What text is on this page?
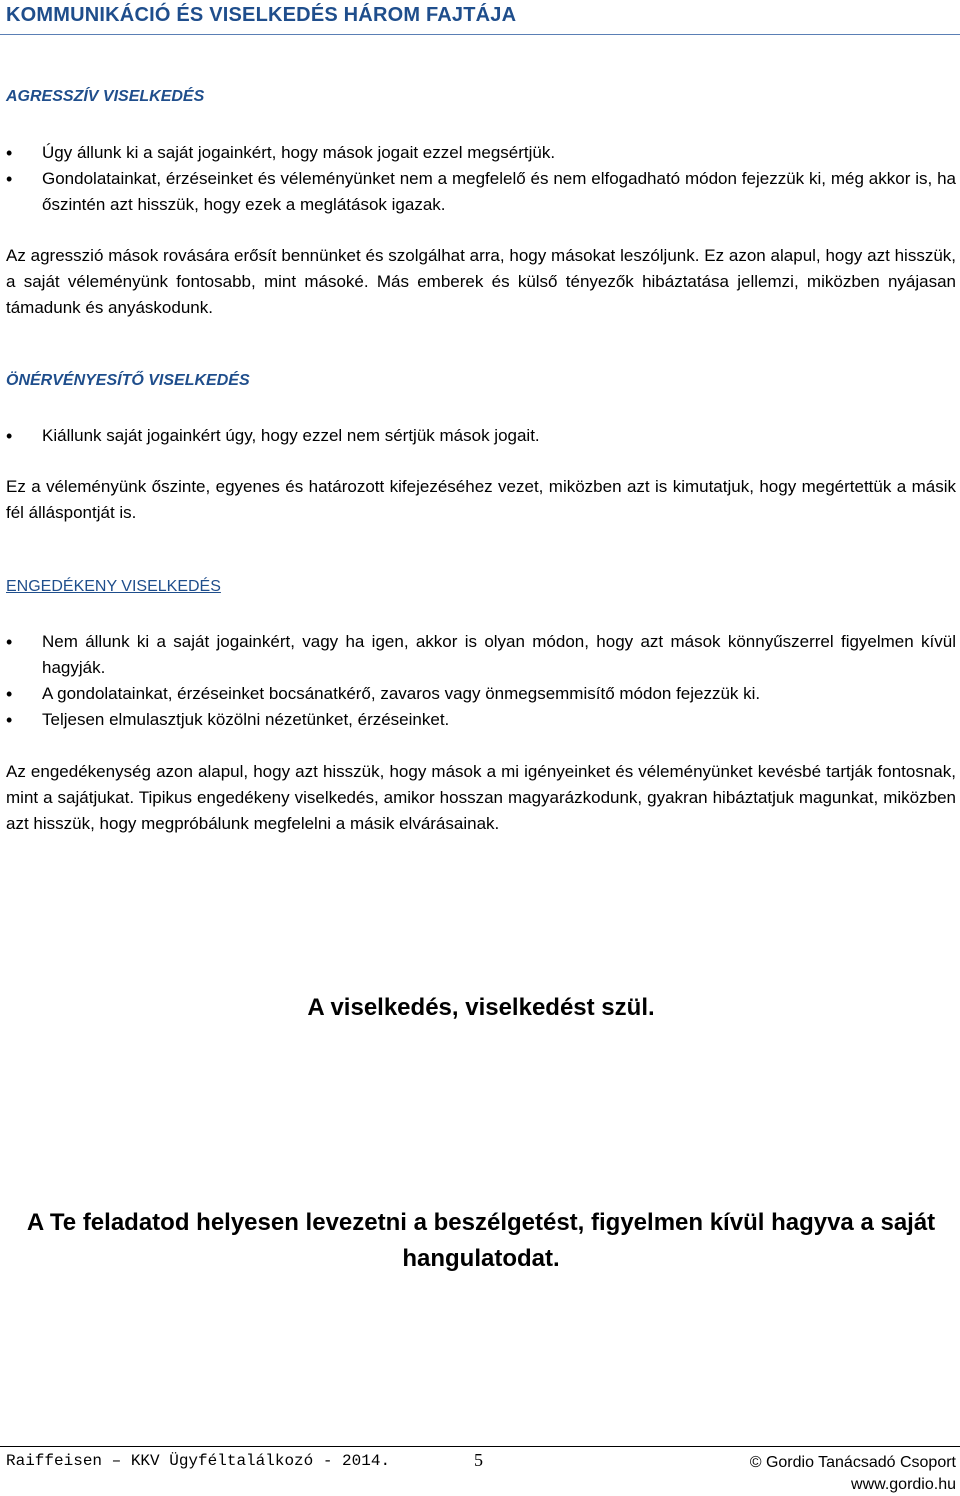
KOMMUNIKÁCIÓ ÉS VISELKEDÉS HÁROM FAJTÁJA
AGRESSZÍV VISELKEDÉS
• Úgy állunk ki a saját jogainkért, hogy mások jogait ezzel megsértjük.
• Gondolatainkat, érzéseinket és véleményünket nem a megfelelő és nem elfogadható módon fejezzük ki, még akkor is, ha őszintén azt hisszük, hogy ezek a meglátások igazak.

Az agresszió mások rovására erősít bennünket és szolgálhat arra, hogy másokat leszóljunk. Ez azon alapul, hogy azt hisszük, a saját véleményünk fontosabb, mint másoké. Más emberek és külső tényezők hibáztatása jellemzi, miközben nyájasan támadunk és anyáskodunk.

ÖNÉRVÉNYESÍTŐ VISELKEDÉS
• Kiállunk saját jogainkért úgy, hogy ezzel nem sértjük mások jogait.

Ez a véleményünk őszinte, egyenes és határozott kifejezéséhez vezet, miközben azt is kimutatjuk, hogy megértettük a másik fél álláspontját is.

ENGEDÉKENY VISELKEDÉS
• Nem állunk ki a saját jogainkért, vagy ha igen, akkor is olyan módon, hogy azt mások könnyűszerrel figyelmen kívül hagyják.
• A gondolatainkat, érzéseinket bocsánatkérő, zavaros vagy önmegsemmisítő módon fejezzük ki.
• Teljesen elmulasztjuk közölni nézetünket, érzéseinket.

Az engedékenység azon alapul, hogy azt hisszük, hogy mások a mi igényeinket és véleményünket kevésbé tartják fontosnak, mint a sajátjukat. Tipikus engedékeny viselkedés, amikor hosszan magyarázkodunk, gyakran hibáztatjuk magunkat, miközben azt hisszük, hogy megpróbálunk megfelelni a másik elvárásainak.

A viselkedés, viselkedést szül.
A Te feladatod helyesen levezetni a beszélgetést, figyelmen kívül hagyva a saját hangulatodat.
Raiffeisen – KKV Ügyféltalálkozó - 2014.	5	© Gordio Tanácsadó Csoport
www.gordio.hu
